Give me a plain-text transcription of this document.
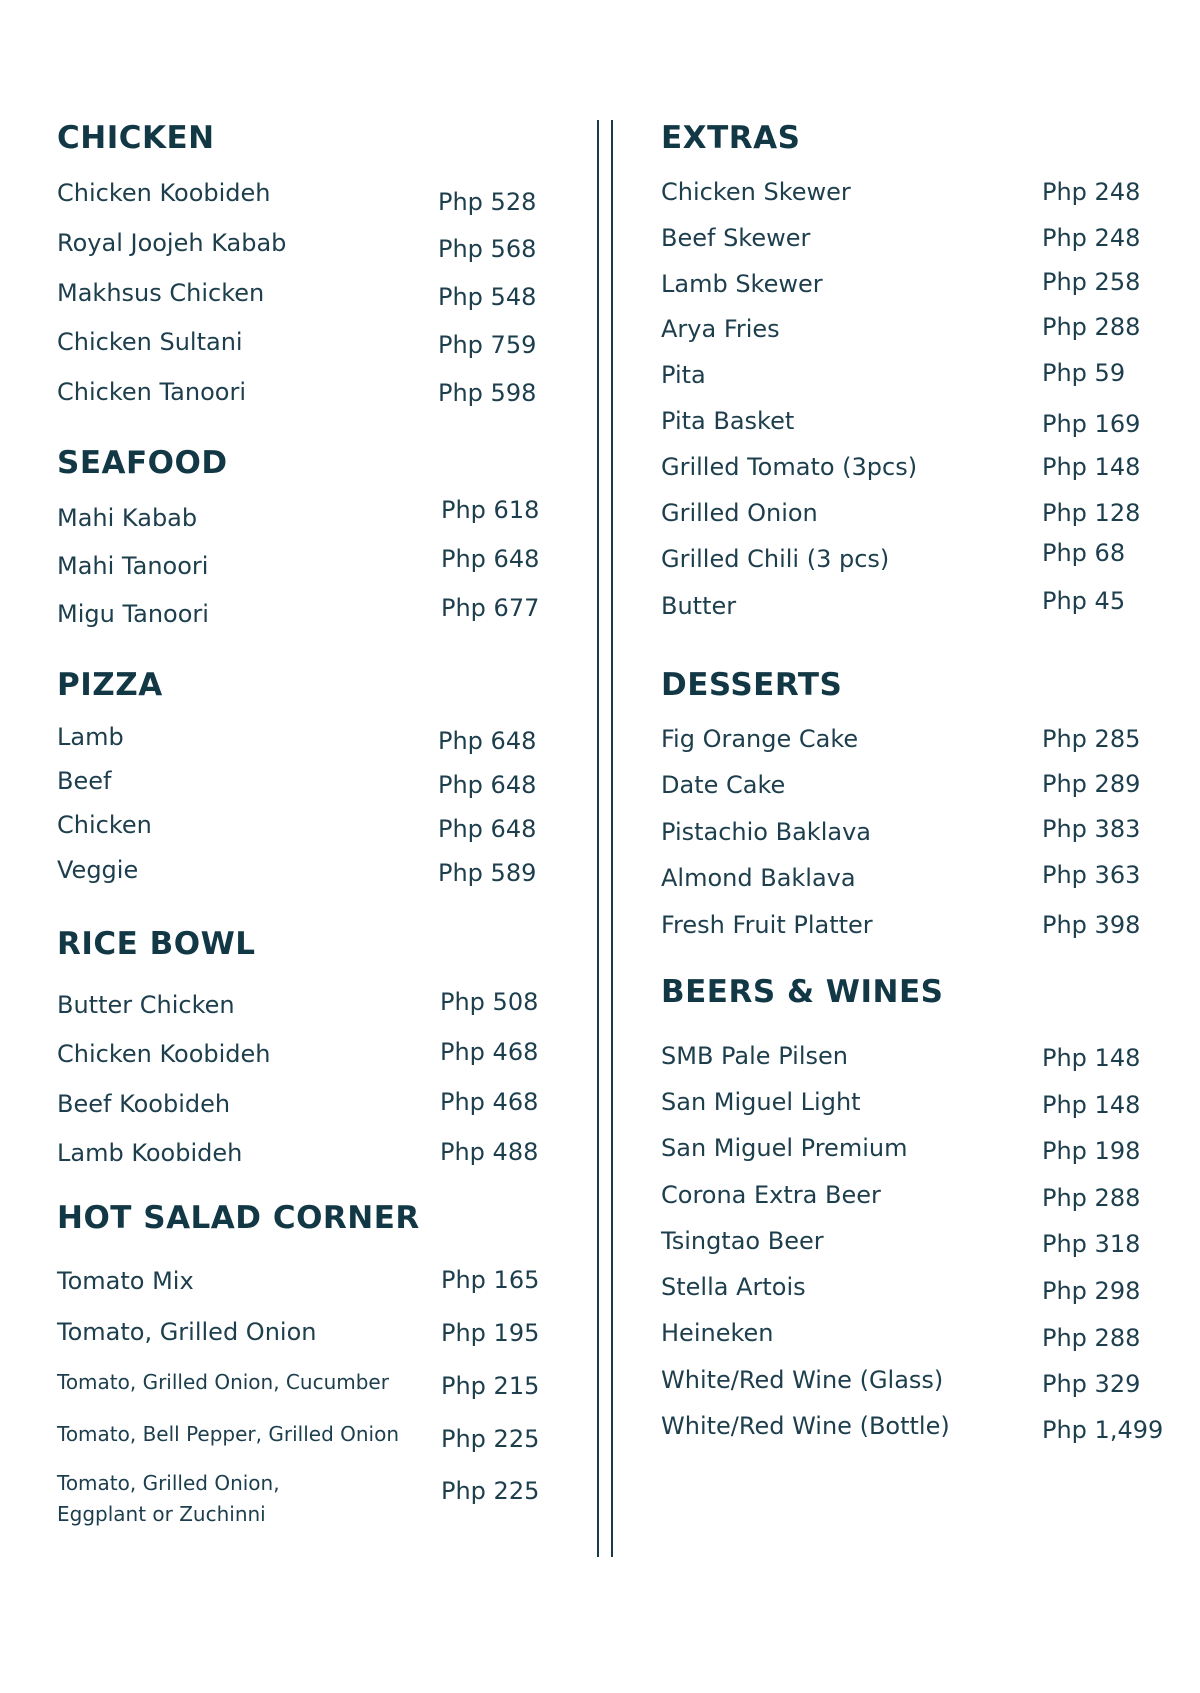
CHICKEN
Chicken Koobideh	Php 528
Royal Joojeh Kabab	Php 568
Makhsus Chicken	Php 548
Chicken Sultani	Php 759
Chicken Tanoori	Php 598
SEAFOOD
Mahi Kabab	Php 618
Mahi Tanoori	Php 648
Migu Tanoori	Php 677
PIZZA
Lamb	Php 648
Beef	Php 648
Chicken	Php 648
Veggie	Php 589
RICE BOWL
Butter Chicken	Php 508
Chicken Koobideh	Php 468
Beef Koobideh	Php 468
Lamb Koobideh	Php 488
HOT SALAD CORNER
Tomato Mix	Php 165
Tomato, Grilled Onion	Php 195
Tomato, Grilled Onion, Cucumber Php 215
Tomato, Bell Pepper, Grilled Onion Php 225
Tomato, Grilled Onion,
Eggplant or Zuchinni
Php 225
EXTRAS
Chicken Skewer	Php 248
Beef Skewer	Php 248
Lamb Skewer	Php 258
Arya Fries	Php 288
Pita	Php 59
Pita Basket	Php 169
Grilled Tomato (3pcs)	Php 148
Grilled Onion	Php 128
Grilled Chili (3 pcs)	Php 68
Butter	Php 45
DESSERTS
Fig Orange Cake	Php 285
Date Cake	Php 289
Pistachio Baklava	Php 383
Almond Baklava	Php 363
Fresh Fruit Platter	Php 398
BEERS & WINES
SMB Pale Pilsen	Php 148
San Miguel Light	Php 148
San Miguel Premium	Php 198
Corona Extra Beer	Php 288
Tsingtao Beer	Php 318
Stella Artois	Php 298
Heineken	Php 288
White/Red Wine (Glass)	Php 329
White/Red Wine (Bottle)	Php 1,499
